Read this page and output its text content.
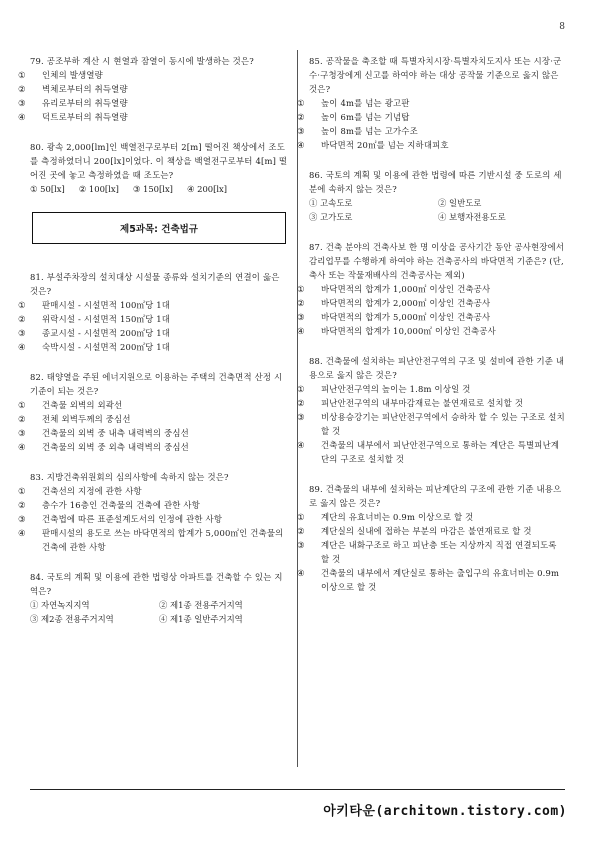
8
79. 공조부하 계산 시 현열과 잠열이 동시에 발생하는 것은?
① 인체의 발생열량
② 벽체로부터의 취득열량
③ 유리로부터의 취득열량
④ 덕트로부터의 취득열량
80. 광속 2,000[lm]인 백열전구로부터 2[m] 떨어진 책상에서 조도를 측정하였더니 200[lx]이었다. 이 책상을 백열전구로부터 4[m] 떨어진 곳에 놓고 측정하였을 때 조도는?
① 50[lx] ② 100[lx] ③ 150[lx] ④ 200[lx]
제5과목: 건축법규
81. 부설주차장의 설치대상 시설물 종류와 설치기준의 연결이 옳은 것은?
① 판매시설 - 시설면적 100㎡당 1대
② 위락시설 - 시설면적 150㎡당 1대
③ 종교시설 - 시설면적 200㎡당 1대
④ 숙박시설 - 시설면적 200㎡당 1대
82. 태양열을 주된 에너지원으로 이용하는 주택의 건축면적 산정 시 기준이 되는 것은?
① 건축물 외벽의 외곽선
② 전체 외벽두께의 중심선
③ 건축물의 외벽 중 내측 내력벽의 중심선
④ 건축물의 외벽 중 외측 내력벽의 중심선
83. 지방건축위원회의 심의사항에 속하지 않는 것은?
① 건축선의 지정에 관한 사항
② 층수가 16층인 건축물의 건축에 관한 사항
③ 건축법에 따른 표준설계도서의 인정에 관한 사항
④ 판매시설의 용도로 쓰는 바닥면적의 합계가 5,000㎡인 건축물의 건축에 관한 사항
84. 국토의 계획 및 이용에 관한 법령상 아파트를 건축할 수 있는 지역은?
① 자연녹지지역	② 제1종 전용주거지역
③ 제2종 전용주거지역	④ 제1종 일반주거지역
85. 공작물을 축조할 때 특별자치시장·특별자치도지사 또는 시장·군수·구청장에게 신고를 하여야 하는 대상 공작물 기준으로 옳지 않은 것은?
① 높이 4m를 넘는 광고판
② 높이 6m를 넘는 기념탑
③ 높이 8m를 넘는 고가수조
④ 바닥면적 20㎡를 넘는 지하대피호
86. 국토의 계획 및 이용에 관한 법령에 따른 기반시설 중 도로의 세분에 속하지 않는 것은?
① 고속도로	② 일반도로
③ 고가도로	④ 보행자전용도로
87. 건축 분야의 건축사보 한 명 이상을 공사기간 동안 공사현장에서 감리업무를 수행하게 하여야 하는 건축공사의 바닥면적 기준은? (단, 축사 또는 작물재배사의 건축공사는 제외)
① 바닥면적의 합계가 1,000㎡ 이상인 건축공사
② 바닥면적의 합계가 2,000㎡ 이상인 건축공사
③ 바닥면적의 합계가 5,000㎡ 이상인 건축공사
④ 바닥면적의 합계가 10,000㎡ 이상인 건축공사
88. 건축물에 설치하는 피난안전구역의 구조 및 설비에 관한 기준 내용으로 옳지 않은 것은?
① 피난안전구역의 높이는 1.8m 이상일 것
② 피난안전구역의 내부마감재료는 불연재료로 설치할 것
③ 비상용승강기는 피난안전구역에서 승하차 할 수 있는 구조로 설치할 것
④ 건축물의 내부에서 피난안전구역으로 통하는 계단은 특별피난계단의 구조로 설치할 것
89. 건축물의 내부에 설치하는 피난계단의 구조에 관한 기준 내용으로 옳지 않은 것은?
① 계단의 유효너비는 0.9m 이상으로 할 것
② 계단실의 실내에 접하는 부분의 마감은 불연재료로 할 것
③ 계단은 내화구조로 하고 피난층 또는 지상까지 직접 연결되도록 할 것
④ 건축물의 내부에서 계단실로 통하는 출입구의 유효너비는 0.9m 이상으로 할 것
아키타운(architown.tistory.com)
